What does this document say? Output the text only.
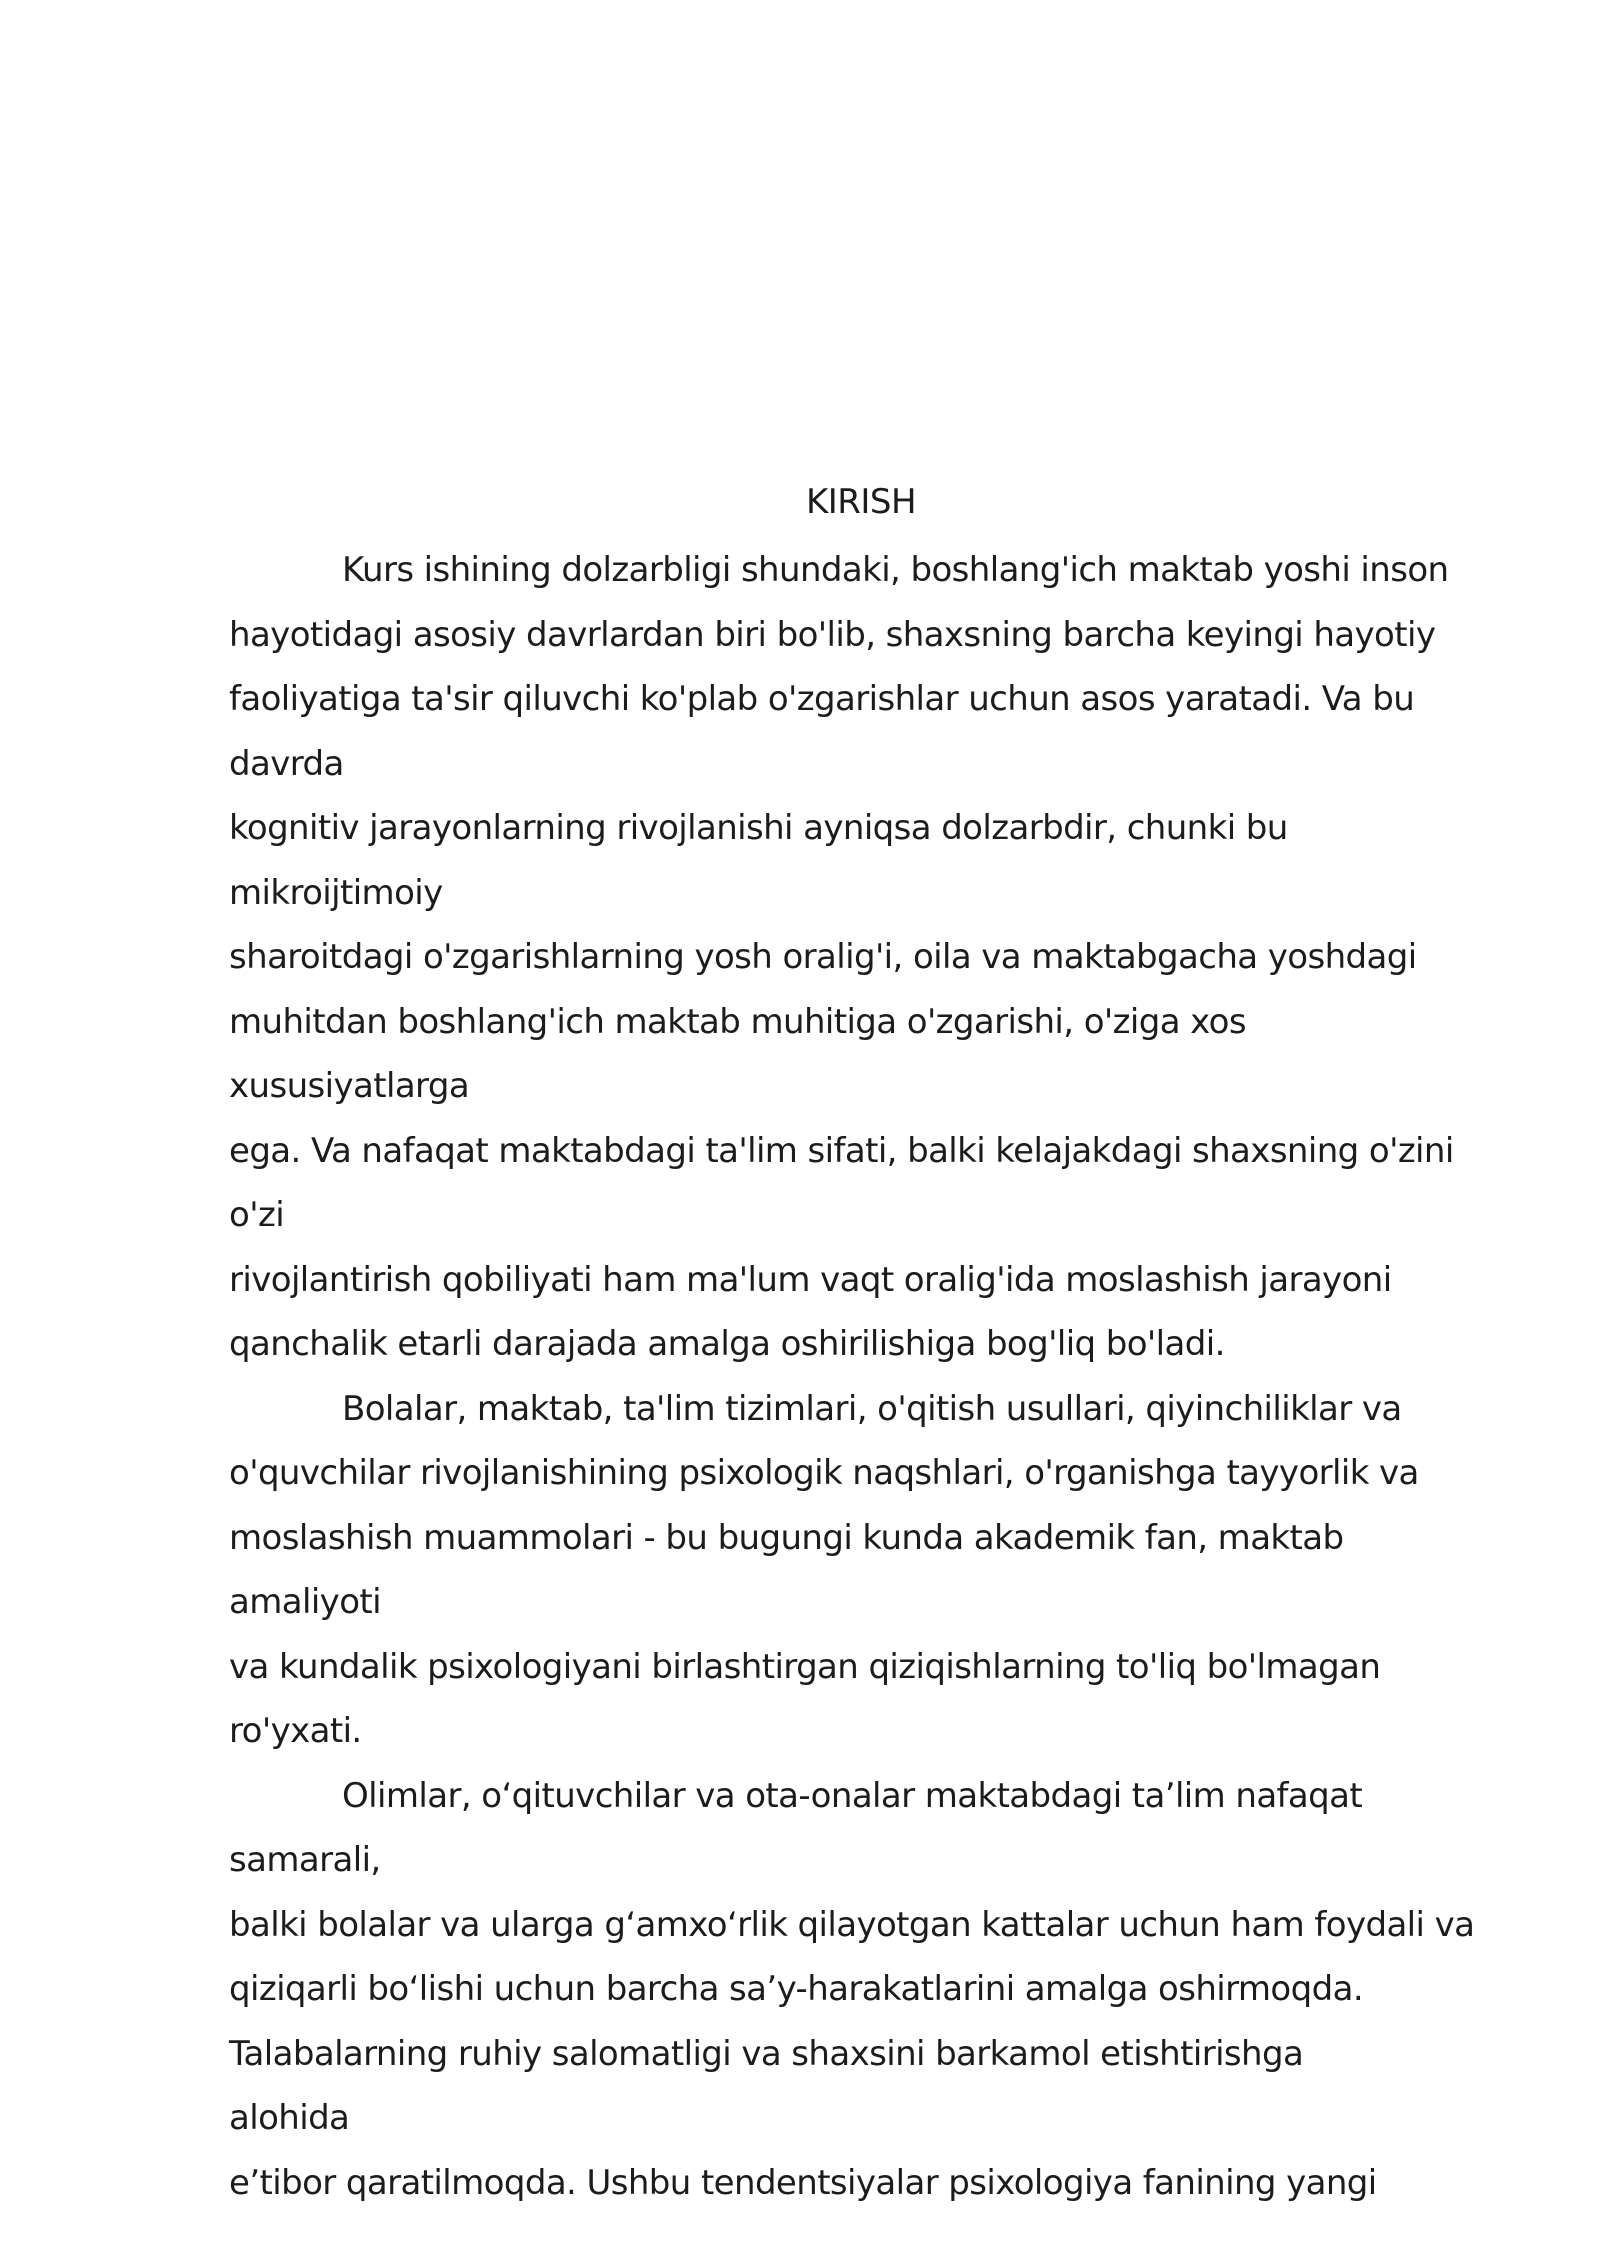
KIRISH
Kurs ishining dolzarbligi shundaki, boshlang'ich maktab yoshi inson
hayotidagi asosiy davrlardan biri bo'lib, shaxsning barcha keyingi hayotiy
faoliyatiga ta'sir qiluvchi ko'plab o'zgarishlar uchun asos yaratadi. Va bu
davrda
kognitiv jarayonlarning rivojlanishi ayniqsa dolzarbdir, chunki bu
mikroijtimoiy
sharoitdagi o'zgarishlarning yosh oralig'i, oila va maktabgacha yoshdagi
muhitdan boshlang'ich maktab muhitiga o'zgarishi, o'ziga xos
xususiyatlarga
ega. Va nafaqat maktabdagi ta'lim sifati, balki kelajakdagi shaxsning o'zini
o'zi
rivojlantirish qobiliyati ham ma'lum vaqt oralig'ida moslashish jarayoni
qanchalik etarli darajada amalga oshirilishiga bog'liq bo'ladi.
Bolalar, maktab, ta'lim tizimlari, o'qitish usullari, qiyinchiliklar va
o'quvchilar rivojlanishining psixologik naqshlari, o'rganishga tayyorlik va
moslashish muammolari - bu bugungi kunda akademik fan, maktab
amaliyoti
va kundalik psixologiyani birlashtirgan qiziqishlarning to'liq bo'lmagan
ro'yxati.
Olimlar, o‘qituvchilar va ota-onalar maktabdagi ta’lim nafaqat
samarali,
balki bolalar va ularga g‘amxo‘rlik qilayotgan kattalar uchun ham foydali va
qiziqarli bo‘lishi uchun barcha sa’y-harakatlarini amalga oshirmoqda.
Talabalarning ruhiy salomatligi va shaxsini barkamol etishtirishga
alohida
e’tibor qaratilmoqda. Ushbu tendentsiyalar psixologiya fanining yangi
